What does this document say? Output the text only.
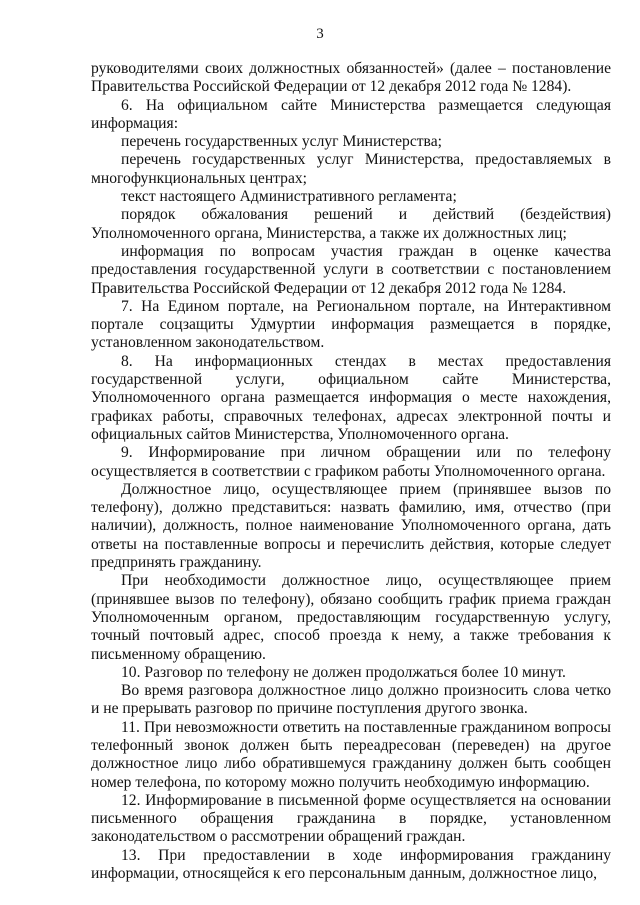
3

руководителями своих должностных обязанностей» (далее – постановление Правительства Российской Федерации от 12 декабря 2012 года № 1284).

6. На официальном сайте Министерства размещается следующая информация:

перечень государственных услуг Министерства;

перечень государственных услуг Министерства, предоставляемых в многофункциональных центрах;

текст настоящего Административного регламента;

порядок обжалования решений и действий (бездействия) Уполномоченного органа, Министерства, а также их должностных лиц;

информация по вопросам участия граждан в оценке качества предоставления государственной услуги в соответствии с постановлением Правительства Российской Федерации от 12 декабря 2012 года № 1284.

7. На Едином портале, на Региональном портале, на Интерактивном портале соцзащиты Удмуртии информация размещается в порядке, установленном законодательством.

8. На информационных стендах в местах предоставления государственной услуги, официальном сайте Министерства, Уполномоченного органа размещается информация о месте нахождения, графиках работы, справочных телефонах, адресах электронной почты и официальных сайтов Министерства, Уполномоченного органа.

9. Информирование при личном обращении или по телефону осуществляется в соответствии с графиком работы Уполномоченного органа.

Должностное лицо, осуществляющее прием (принявшее вызов по телефону), должно представиться: назвать фамилию, имя, отчество (при наличии), должность, полное наименование Уполномоченного органа, дать ответы на поставленные вопросы и перечислить действия, которые следует предпринять гражданину.

При необходимости должностное лицо, осуществляющее прием (принявшее вызов по телефону), обязано сообщить график приема граждан Уполномоченным органом, предоставляющим государственную услугу, точный почтовый адрес, способ проезда к нему, а также требования к письменному обращению.

10. Разговор по телефону не должен продолжаться более 10 минут.

Во время разговора должностное лицо должно произносить слова четко и не прерывать разговор по причине поступления другого звонка.

11. При невозможности ответить на поставленные гражданином вопросы телефонный звонок должен быть переадресован (переведен) на другое должностное лицо либо обратившемуся гражданину должен быть сообщен номер телефона, по которому можно получить необходимую информацию.

12. Информирование в письменной форме осуществляется на основании письменного обращения гражданина в порядке, установленном законодательством о рассмотрении обращений граждан.

13. При предоставлении в ходе информирования гражданину информации, относящейся к его персональным данным, должностное лицо,
